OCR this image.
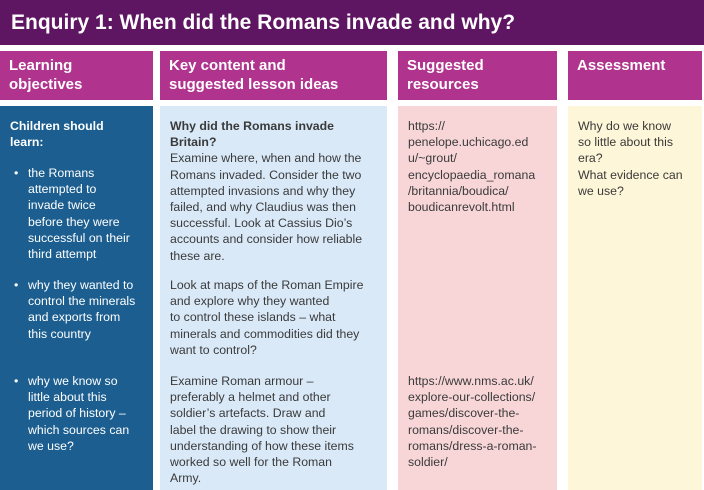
Enquiry 1: When did the Romans invade and why?
Learning
objectives
Key content and
suggested lesson ideas
Suggested
resources
Assessment
Children should
learn:
• the Romans
attempted to
invade twice
before they were
successful on their
third attempt
• why they wanted to
control the minerals
and exports from
this country
• why we know so
little about this
period of history –
which sources can
we use?
Why did the Romans invade
Britain?
Examine where, when and how the
Romans invaded. Consider the two
attempted invasions and why they
failed, and why Claudius was then
successful. Look at Cassius Dio’s
accounts and consider how reliable
these are.
Look at maps of the Roman Empire
and explore why they wanted
to control these islands – what
minerals and commodities did they
want to control?
Examine Roman armour –
preferably a helmet and other
soldier’s artefacts. Draw and
label the drawing to show their
understanding of how these items
worked so well for the Roman
Army.
https://
penelope.uchicago.ed
u/~grout/
encyclopaedia_romana
/britannia/boudica/
boudicanrevolt.html
https://www.nms.ac.uk/
explore-our-collections/
games/discover-the-
romans/discover-the-
romans/dress-a-roman-
soldier/
Why do we know
so little about this
era?
What evidence can
we use?
